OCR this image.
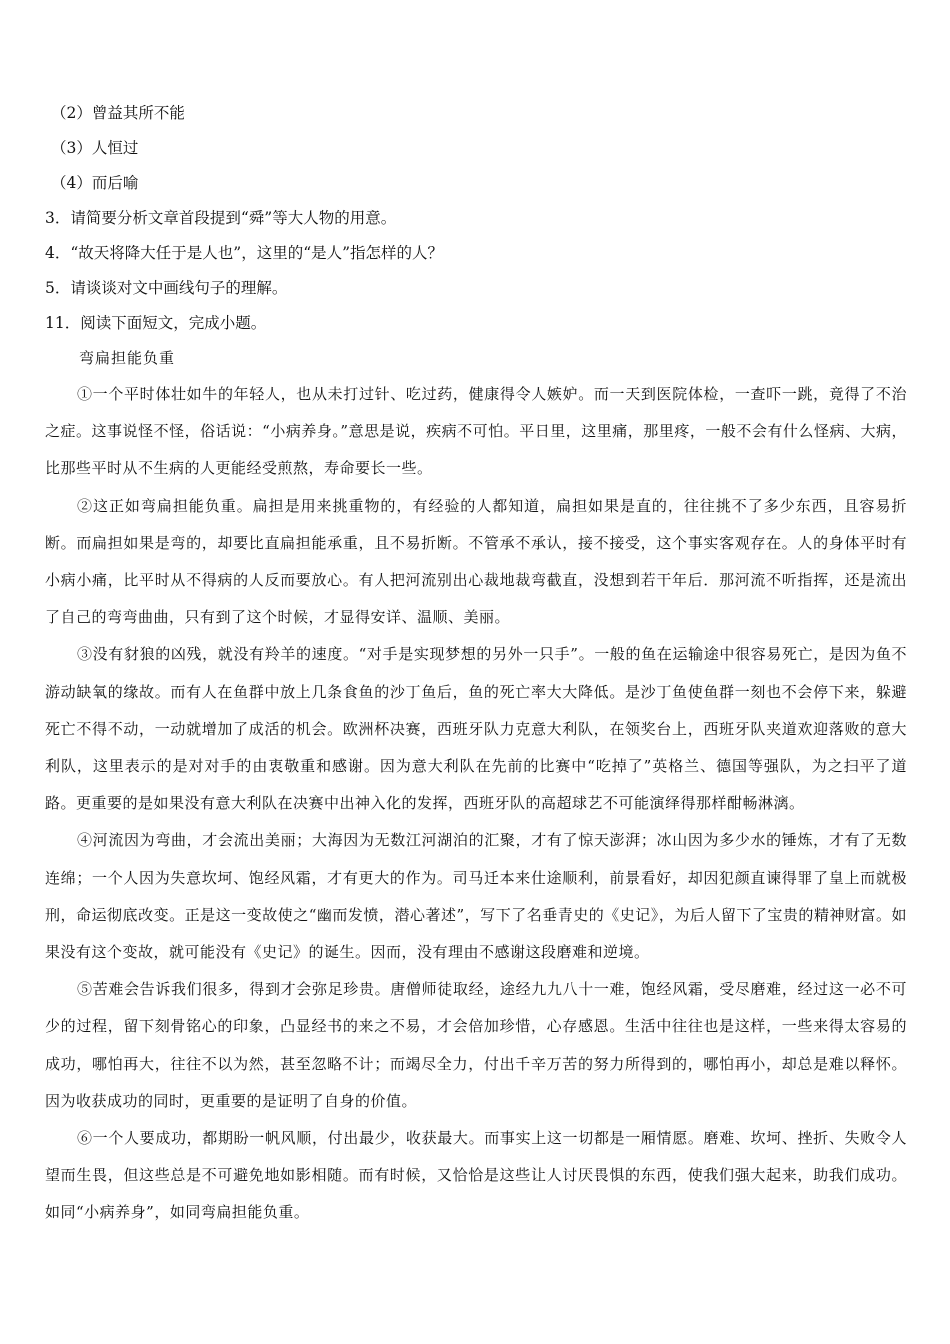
（2）曾益其所不能
（3）人恒过
（4）而后喻
3．请简要分析文章首段提到“舜”等大人物的用意。
4．“故天将降大任于是人也”，这里的“是人”指怎样的人？
5．请谈谈对文中画线句子的理解。
11．阅读下面短文，完成小题。
弯扁担能负重

①一个平时体壮如牛的年轻人，也从未打过针、吃过药，健康得令人嫉妒。而一天到医院体检，一查吓一跳，竟得了不治之症。这事说怪不怪，俗话说：“小病养身。”意思是说，疾病不可怕。平日里，这里痛，那里疼，一般不会有什么怪病、大病，比那些平时从不生病的人更能经受煎熬，寿命要长一些。

②这正如弯扁担能负重。扁担是用来挑重物的，有经验的人都知道，扁担如果是直的，往往挑不了多少东西，且容易折断。而扁担如果是弯的，却要比直扁担能承重，且不易折断。不管承不承认，接不接受，这个事实客观存在。人的身体平时有小病小痛，比平时从不得病的人反而要放心。有人把河流别出心裁地裁弯截直，没想到若干年后．那河流不听指挥，还是流出了自己的弯弯曲曲，只有到了这个时候，才显得安详、温顺、美丽。

③没有豺狼的凶残，就没有羚羊的速度。“对手是实现梦想的另外一只手”。一般的鱼在运输途中很容易死亡，是因为鱼不游动缺氧的缘故。而有人在鱼群中放上几条食鱼的沙丁鱼后，鱼的死亡率大大降低。是沙丁鱼使鱼群一刻也不会停下来，躲避死亡不得不动，一动就增加了成活的机会。欧洲杯决赛，西班牙队力克意大利队，在领奖台上，西班牙队夹道欢迎落败的意大利队，这里表示的是对对手的由衷敬重和感谢。因为意大利队在先前的比赛中“吃掉了”英格兰、德国等强队，为之扫平了道路。更重要的是如果没有意大利队在决赛中出神入化的发挥，西班牙队的高超球艺不可能演绎得那样酣畅淋漓。

④河流因为弯曲，才会流出美丽；大海因为无数江河湖泊的汇聚，才有了惊天澎湃；冰山因为多少水的锤炼，才有了无数连绵；一个人因为失意坎坷、饱经风霜，才有更大的作为。司马迁本来仕途顺利，前景看好，却因犯颜直谏得罪了皇上而就极刑，命运彻底改变。正是这一变故使之“幽而发愤，潜心著述”，写下了名垂青史的《史记》，为后人留下了宝贵的精神财富。如果没有这个变故，就可能没有《史记》的诞生。因而，没有理由不感谢这段磨难和逆境。

⑤苦难会告诉我们很多，得到才会弥足珍贵。唐僧师徒取经，途经九九八十一难，饱经风霜，受尽磨难，经过这一必不可少的过程，留下刻骨铭心的印象，凸显经书的来之不易，才会倍加珍惜，心存感恩。生活中往往也是这样，一些来得太容易的成功，哪怕再大，往往不以为然，甚至忽略不计；而竭尽全力，付出千辛万苦的努力所得到的，哪怕再小，却总是难以释怀。因为收获成功的同时，更重要的是证明了自身的价值。

⑥一个人要成功，都期盼一帆风顺，付出最少，收获最大。而事实上这一切都是一厢情愿。磨难、坎坷、挫折、失败令人望而生畏，但这些总是不可避免地如影相随。而有时候，又恰恰是这些让人讨厌畏惧的东西，使我们强大起来，助我们成功。如同“小病养身”，如同弯扁担能负重。
